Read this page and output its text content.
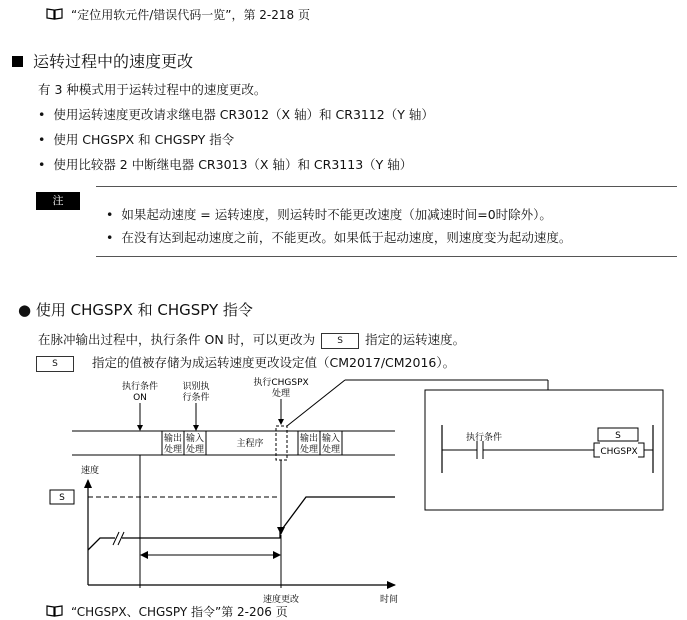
“定位用软元件/错误代码一览”，第 2-218 页
运转过程中的速度更改
有 3 种模式用于运转过程中的速度更改。
•  使用运转速度更改请求继电器 CR3012（X 轴）和 CR3112（Y 轴）
•  使用 CHGSPX 和 CHGSPY 指令
•  使用比较器 2 中断继电器 CR3013（X 轴）和 CR3113（Y 轴）
注
•  如果起动速度 = 运转速度，则运转时不能更改速度（加减速时间=0时除外）。
•  在没有达到起动速度之前，不能更改。如果低于起动速度，则速度变为起动速度。
● 使用 CHGSPX 和 CHGSPY 指令
在脉冲输出过程中，执行条件 ON 时，可以更改为 S 指定的运转速度。
S	指定的值被存储为成运转速度更改设定值（CM2017/CM2016）。
执行条件
ON
识别执
行条件
执行CHGSPX
处理
输出
处理
输入
处理
主程序	输出
处理
输入
处理
速度
时间
S
速度更改
执行条件	S
CHGSPX
“CHGSPX、CHGSPY 指令”第 2-206 页
